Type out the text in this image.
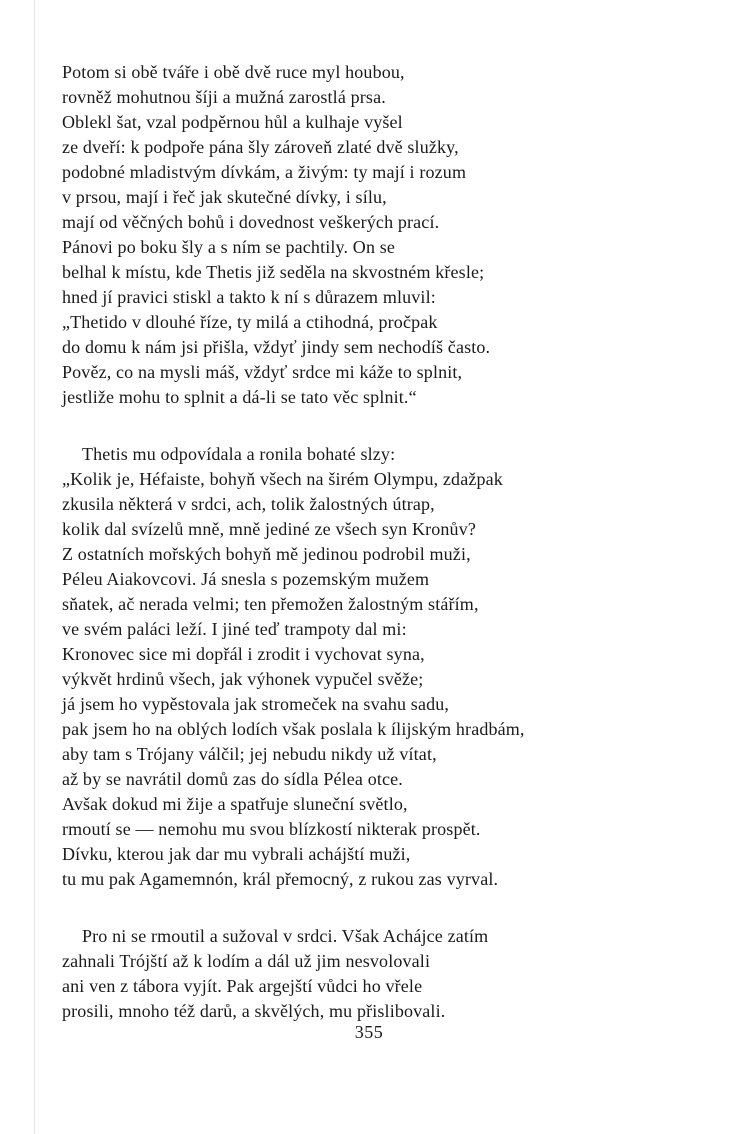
Potom si obě tváře i obě dvě ruce myl houbou,
rovněž mohutnou šíji a mužná zarostlá prsa.
Oblekl šat, vzal podpěrnou hůl a kulhaje vyšel
ze dveří: k podpoře pána šly zároveň zlaté dvě služky,
podobné mladistvým dívkám, a živým: ty mají i rozum
v prsou, mají i řeč jak skutečné dívky, i sílu,
mají od věčných bohů i dovednost veškerých prací.
Pánovi po boku šly a s ním se pachtily. On se
belhal k místu, kde Thetis již seděla na skvostném křesle;
hned jí pravici stiskl a takto k ní s důrazem mluvil:
„Thetido v dlouhé říze, ty milá a ctihodná, pročpak
do domu k nám jsi přišla, vždyť jindy sem nechodíš často.
Pověz, co na mysli máš, vždyť srdce mi káže to splnit,
jestliže mohu to splnit a dá-li se tato věc splnit.“
Thetis mu odpovídala a ronila bohaté slzy:
„Kolik je, Héfaiste, bohyň všech na širém Olympu, zdažpak
zkusila některá v srdci, ach, tolik žalostných útrap,
kolik dal svízelů mně, mně jediné ze všech syn Kronův?
Z ostatních mořských bohyň mě jedinou podrobil muži,
Péleu Aiakovcovi. Já snesla s pozemským mužem
sňatek, ač nerada velmi; ten přemožen žalostným stářím,
ve svém paláci leží. I jiné teď trampoty dal mi:
Kronovec sice mi dopřál i zrodit i vychovat syna,
výkvět hrdinů všech, jak výhonek vypučel svěže;
já jsem ho vypěstovala jak stromeček na svahu sadu,
pak jsem ho na oblých lodích však poslala k ílijským hradbám,
aby tam s Trójany válčil; jej nebudu nikdy už vítat,
až by se navrátil domů zas do sídla Pélea otce.
Avšak dokud mi žije a spatřuje sluneční světlo,
rmoutí se — nemohu mu svou blízkostí nikterak prospět.
Dívku, kterou jak dar mu vybrali achájští muži,
tu mu pak Agamemnón, král přemocný, z rukou zas vyrval.
Pro ni se rmoutil a sužoval v srdci. Však Achájce zatím
zahnali Trójští až k lodím a dál už jim nesvolovali
ani ven z tábora vyjít. Pak argejští vůdci ho vřele
prosili, mnoho též darů, a skvělých, mu přislibovali.
355
